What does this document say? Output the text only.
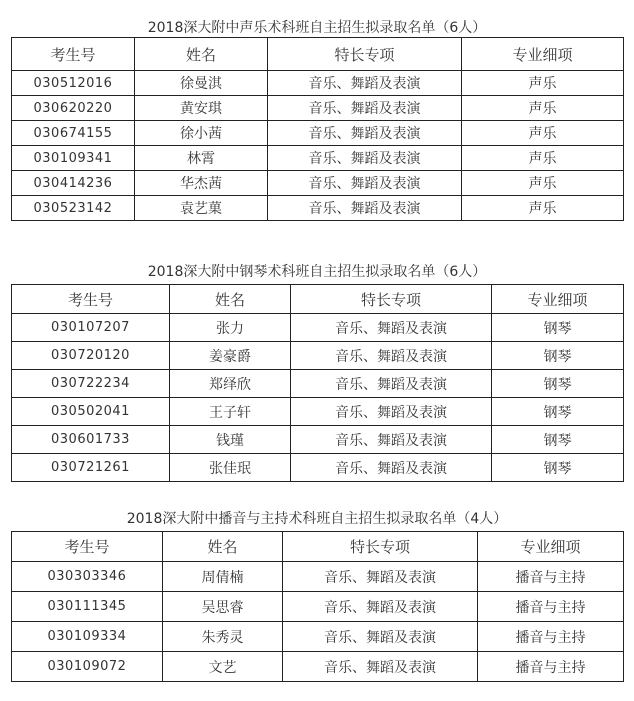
2018深大附中声乐术科班自主招生拟录取名单（6人）
考生号	姓名	特长专项	专业细项
030512016	徐曼淇	音乐、舞蹈及表演	声乐
030620220	黄安琪	音乐、舞蹈及表演	声乐
030674155	徐小茜	音乐、舞蹈及表演	声乐
030109341	林霄	音乐、舞蹈及表演	声乐
030414236	华杰茜	音乐、舞蹈及表演	声乐
030523142	袁艺菓	音乐、舞蹈及表演	声乐
2018深大附中钢琴术科班自主招生拟录取名单（6人）
考生号	姓名	特长专项	专业细项
030107207	张力	音乐、舞蹈及表演	钢琴
030720120	姜豪爵	音乐、舞蹈及表演	钢琴
030722234	郑绎欣	音乐、舞蹈及表演	钢琴
030502041	王子轩	音乐、舞蹈及表演	钢琴
030601733	钱瑾	音乐、舞蹈及表演	钢琴
030721261	张佳珉	音乐、舞蹈及表演	钢琴
2018深大附中播音与主持术科班自主招生拟录取名单（4人）
考生号	姓名	特长专项	专业细项
030303346	周倩楠	音乐、舞蹈及表演	播音与主持
030111345	吴思睿	音乐、舞蹈及表演	播音与主持
030109334	朱秀灵	音乐、舞蹈及表演	播音与主持
030109072	文艺	音乐、舞蹈及表演	播音与主持
